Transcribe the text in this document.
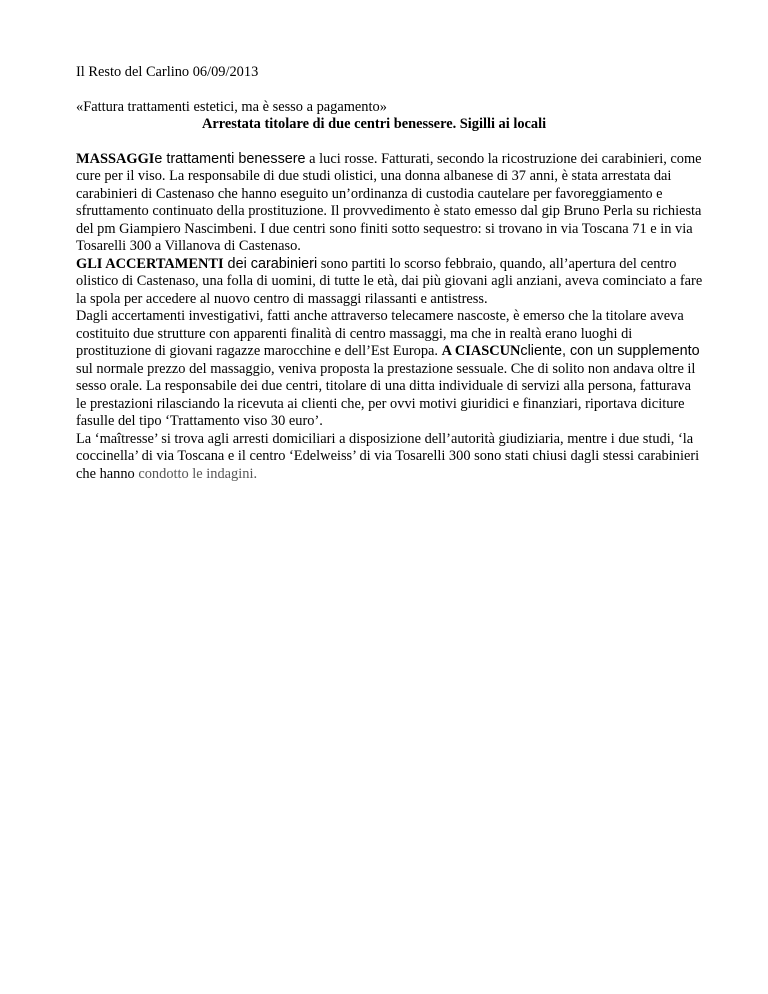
Il Resto del Carlino 06/09/2013

«Fattura trattamenti estetici, ma è sesso a pagamento»

Arrestata titolare di due centri benessere. Sigilli ai locali

MASSAGGIe trattamenti benessere a luci rosse. Fatturati, secondo la ricostruzione dei carabinieri, come cure per il viso. La responsabile di due studi olistici, una donna albanese di 37 anni, è stata arrestata dai carabinieri di Castenaso che hanno eseguito un’ordinanza di custodia cautelare per favoreggiamento e sfruttamento continuato della prostituzione. Il provvedimento è stato emesso dal gip Bruno Perla su richiesta del pm Giampiero Nascimbeni. I due centri sono finiti sotto sequestro: si trovano in via Toscana 71 e in via Tosarelli 300 a Villanova di Castenaso.

GLI ACCERTAMENTI dei carabinieri sono partiti lo scorso febbraio, quando, all’apertura del centro olistico di Castenaso, una folla di uomini, di tutte le età, dai più giovani agli anziani, aveva cominciato a fare la spola per accedere al nuovo centro di massaggi rilassanti e antistress.

Dagli accertamenti investigativi, fatti anche attraverso telecamere nascoste, è emerso che la titolare aveva costituito due strutture con apparenti finalità di centro massaggi, ma che in realtà erano luoghi di prostituzione di giovani ragazze marocchine e dell’Est Europa. A CIASCUNcliente, con un supplemento sul normale prezzo del massaggio, veniva proposta la prestazione sessuale. Che di solito non andava oltre il sesso orale. La responsabile dei due centri, titolare di una ditta individuale di servizi alla persona, fatturava le prestazioni rilasciando la ricevuta ai clienti che, per ovvi motivi giuridici e finanziari, riportava diciture fasulle del tipo ‘Trattamento viso 30 euro’.

La ‘maîtresse’ si trova agli arresti domiciliari a disposizione dell’autorità giudiziaria, mentre i due studi, ‘la coccinella’ di via Toscana e il centro ‘Edelweiss’ di via Tosarelli 300 sono stati chiusi dagli stessi carabinieri che hanno condotto le indagini.
